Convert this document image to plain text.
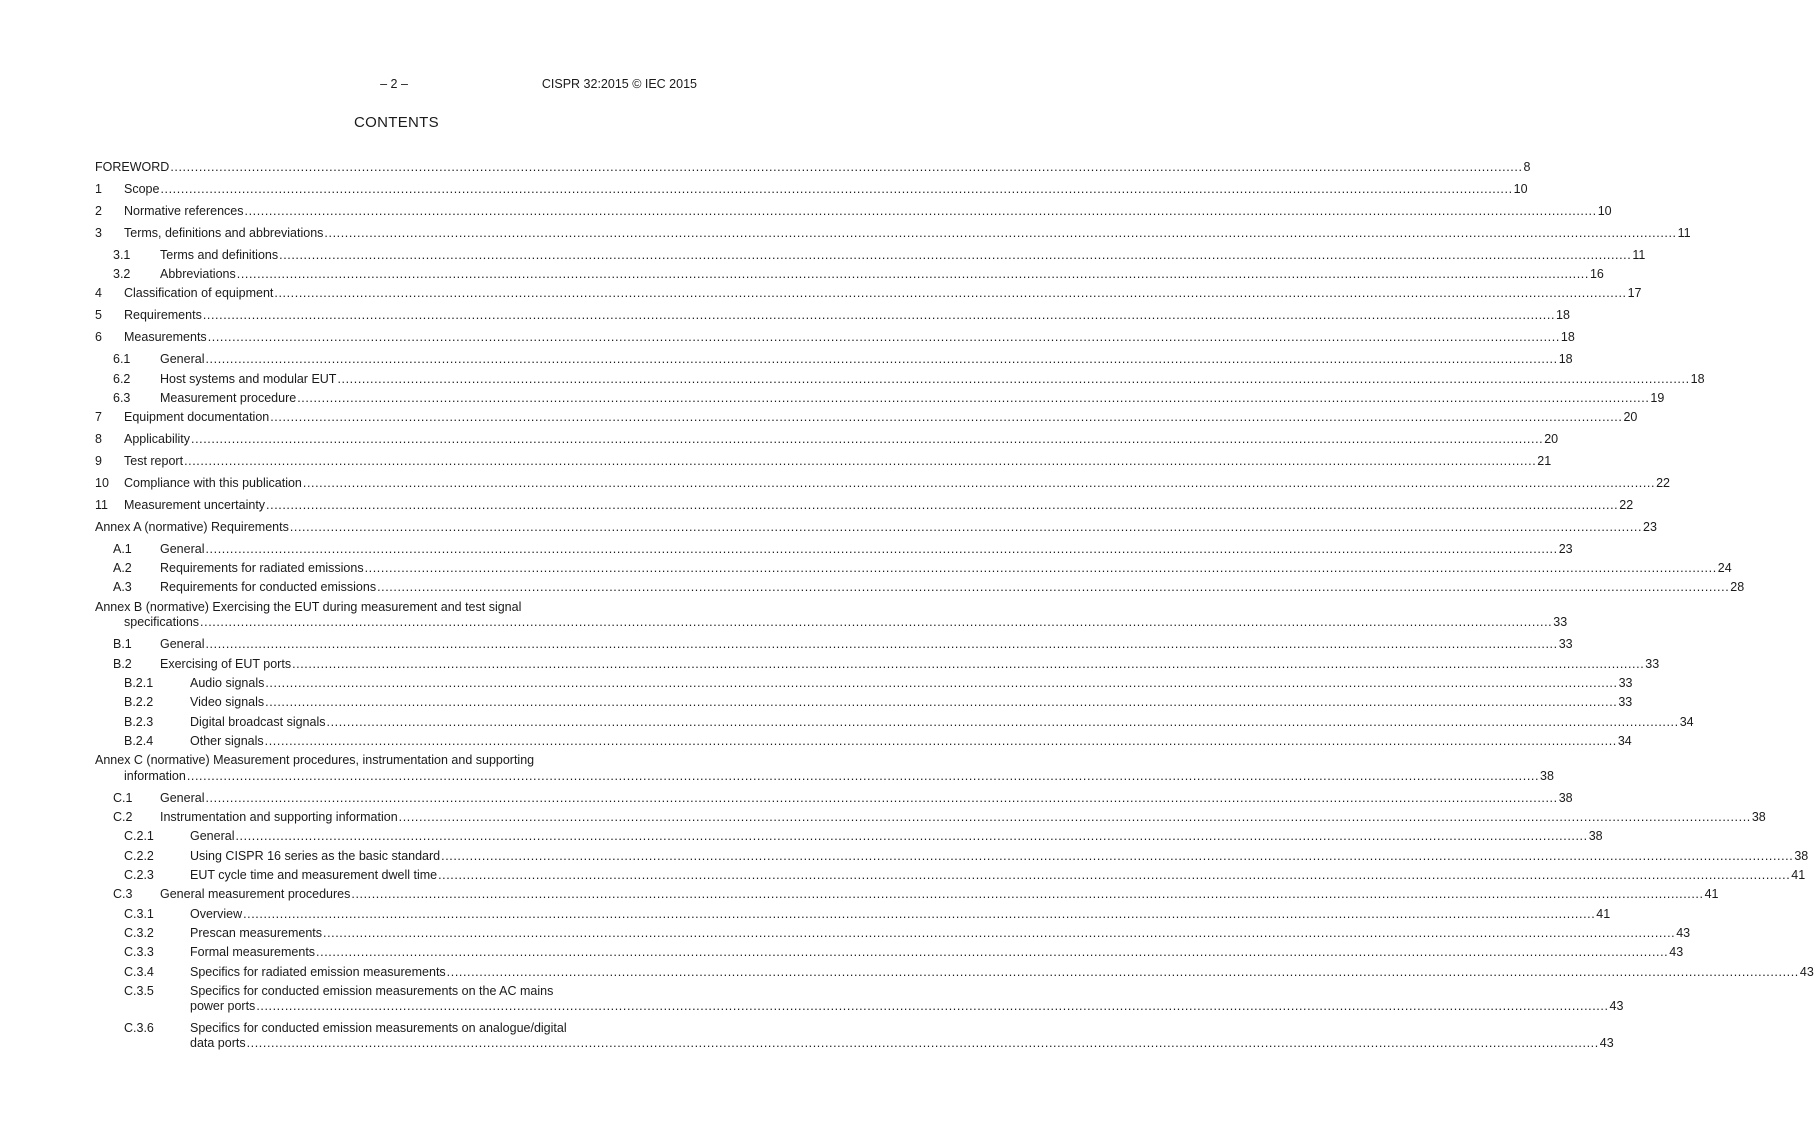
– 2 –	CISPR 32:2015 © IEC 2015
CONTENTS
FOREWORD ............................................................................................................................................................................................................................................................................................................................................ 8
1 Scope ............................................................................................................................................................................................................................................................................................................................................ 10
2 Normative references ............................................................................................................................................................................................................................................................................................................................................ 10
3 Terms, definitions and abbreviations ............................................................................................................................................................................................................................................................................................................................................ 11
3.1 Terms and definitions ............................................................................................................................................................................................................................................................................................................................................ 11
3.2 Abbreviations ............................................................................................................................................................................................................................................................................................................................................ 16
4 Classification of equipment ............................................................................................................................................................................................................................................................................................................................................ 17
5 Requirements ............................................................................................................................................................................................................................................................................................................................................ 18
6 Measurements ............................................................................................................................................................................................................................................................................................................................................ 18
6.1 General ............................................................................................................................................................................................................................................................................................................................................ 18
6.2 Host systems and modular EUT ............................................................................................................................................................................................................................................................................................................................................ 18
6.3 Measurement procedure ............................................................................................................................................................................................................................................................................................................................................ 19
7 Equipment documentation ............................................................................................................................................................................................................................................................................................................................................ 20
8 Applicability ............................................................................................................................................................................................................................................................................................................................................ 20
9 Test report ............................................................................................................................................................................................................................................................................................................................................ 21
10 Compliance with this publication ............................................................................................................................................................................................................................................................................................................................................ 22
11 Measurement uncertainty ............................................................................................................................................................................................................................................................................................................................................ 22
Annex A (normative) Requirements ............................................................................................................................................................................................................................................................................................................................................ 23
A.1 General ............................................................................................................................................................................................................................................................................................................................................ 23
A.2 Requirements for radiated emissions ............................................................................................................................................................................................................................................................................................................................................ 24
A.3 Requirements for conducted emissions ............................................................................................................................................................................................................................................................................................................................................ 28
Annex B (normative) Exercising the EUT during measurement and test signal
specifications ............................................................................................................................................................................................................................................................................................................................................ 33
B.1 General ............................................................................................................................................................................................................................................................................................................................................ 33
B.2 Exercising of EUT ports ............................................................................................................................................................................................................................................................................................................................................ 33
B.2.1	Audio signals ............................................................................................................................................................................................................................................................................................................................................ 33
B.2.2	Video signals ............................................................................................................................................................................................................................................................................................................................................ 33
B.2.3	Digital broadcast signals ............................................................................................................................................................................................................................................................................................................................................ 34
B.2.4	Other signals ............................................................................................................................................................................................................................................................................................................................................ 34
Annex C (normative) Measurement procedures, instrumentation and supporting
information ............................................................................................................................................................................................................................................................................................................................................ 38
C.1 General ............................................................................................................................................................................................................................................................................................................................................ 38
C.2 Instrumentation and supporting information ............................................................................................................................................................................................................................................................................................................................................ 38
C.2.1	General ............................................................................................................................................................................................................................................................................................................................................ 38
C.2.2	Using CISPR 16 series as the basic standard ............................................................................................................................................................................................................................................................................................................................................ 38
C.2.3	EUT cycle time and measurement dwell time ............................................................................................................................................................................................................................................................................................................................................ 41
C.3 General measurement procedures ............................................................................................................................................................................................................................................................................................................................................ 41
C.3.1	Overview ............................................................................................................................................................................................................................................................................................................................................ 41
C.3.2	Prescan measurements ............................................................................................................................................................................................................................................................................................................................................ 43
C.3.3	Formal measurements ............................................................................................................................................................................................................................................................................................................................................ 43
C.3.4	Specifics for radiated emission measurements ............................................................................................................................................................................................................................................................................................................................................ 43
C.3.5	Specifics for conducted emission measurements on the AC mains
power ports ............................................................................................................................................................................................................................................................................................................................................ 43
C.3.6	Specifics for conducted emission measurements on analogue/digital
data ports ............................................................................................................................................................................................................................................................................................................................................ 43
